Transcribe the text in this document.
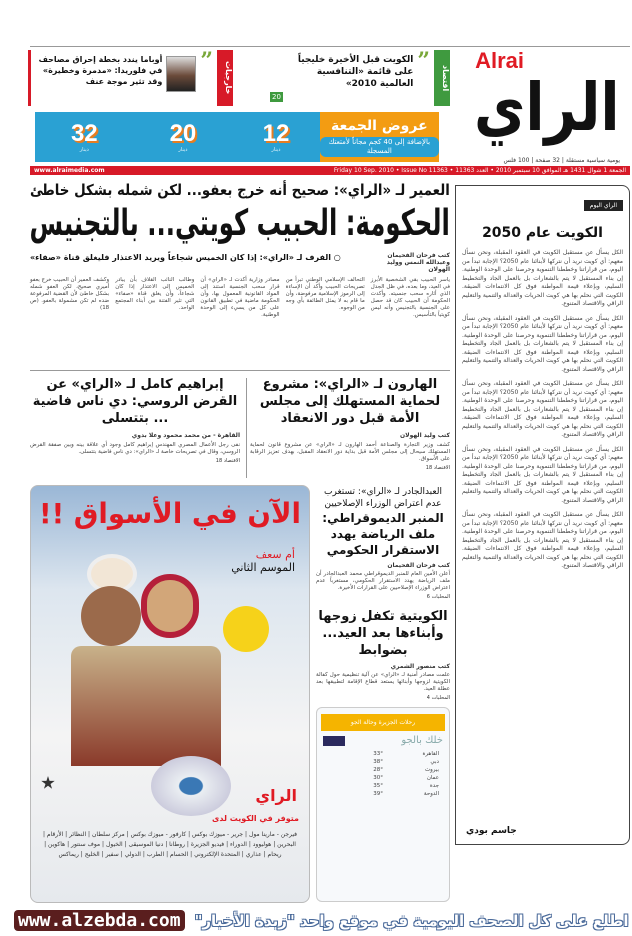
Alrai
الراي
يومية سياسية مستقلة | 32 صفحة | 100 فلس
اقتصاد
”
الكويت قبل الأخيرة خليجياً على قائمة «التنافسية العالمية 2010»
20
خارجيات
”
أوباما يندد بخطة إحراق مصاحف في فلوريدا: «مدمرة وخطيرة» وقد تثير موجة عنف
32
دينار
20
دينار
12
دينار
عروض الجمعة
بالإضافة إلى 40 كجم مجاناً لأمتعتك المسجلة
الجمعة 1 شوال 1431 هـ الموافق 10 سبتمبر 2010 • العدد 11363 • Friday 10 Sep. 2010 • Issue No 11363
www.alraimedia.com
العمير لـ «الراي»: صحيح أنه خرج بعفو... لكن شمله بشكل خاطئ
الحكومة: الحبيب كويتي... بالتجنيس
كتب فرحان الفحيمان وعبدالله النمس ووليد الهولان
○ الفرف لـ «الراي»: إذا كان الخميس شجاعاً ويريد الاعتذار فليغلق قناة «صفاء»
ياسر الحبيب بقي الشخصية الأبرز في العيد، وما بعده، في ظل الجدل الذي أثاره سحب جنسيته. وأكدت الحكومة أن الحبيب كان قد حصل على الجنسية بالتجنيس وأنه ليس كويتياً بالتأسيس.
التحالف الإسلامي الوطني تبرأ من تصريحات الحبيب وأكد أن الإساءة إلى الرموز الإسلامية مرفوضة، وأن ما قام به لا يمثل الطائفة بأي وجه من الوجوه.
مصادر وزارية أكدت لـ «الراي» أن قرار سحب الجنسية استند إلى المواد القانونية المعمول بها، وأن الحكومة ماضية في تطبيق القانون على كل من يسيء إلى الوحدة الوطنية.
وطالب النائب القلاف بأن يبادر الخميس إلى الاعتذار إذا كان شجاعاً، وأن يغلق قناة «صفاء» التي تثير الفتنة بين أبناء المجتمع الواحد.
وكشف العمير أن الحبيب خرج بعفو أميري صحيح، لكن العفو شمله بشكل خاطئ لأن القضية المرفوعة ضده لم تكن مشمولة بالعفو. (ص 18)
الهارون لـ «الراي»: مشروع لحماية المستهلك إلى مجلس الأمة قبل دور الانعقاد
كتب وليد الهولان
كشف وزير التجارة والصناعة أحمد الهارون لـ «الراي» عن مشروع قانون لحماية المستهلك سيحال إلى مجلس الأمة قبل بداية دور الانعقاد المقبل، بهدف تعزيز الرقابة على الأسواق.
الاقتصاد 18
إبراهيم كامل لـ «الراي» عن القرض الروسي: دي ناس فاضية ... بتتسلى
القاهرة - من محمد محمود وعلا بدوي
نفى رجل الأعمال المصري المهندس إبراهيم كامل وجود أي علاقة بينه وبين صفقة القرض الروسي، وقال في تصريحات خاصة لـ «الراي»: دي ناس فاضية بتتسلى.
الاقتصاد 18
العبدالجادر لـ «الراي»: تستغرب عدم اعتراض الوزراء الإصلاحيين
المنبر الديموقراطي: ملف الرياضة يهدد الاستقرار الحكومي
كتب فرحان الفحيمان
أعلن الأمين العام للمنبر الديموقراطي محمد العبدالجادر أن ملف الرياضة يهدد الاستقرار الحكومي، مستغرباً عدم اعتراض الوزراء الإصلاحيين على القرارات الأخيرة.
المحليات 6
الكويتية تكفل زوجها وأبناءها بعد العيد... بضوابط
كتب منصور الشمري
علمت مصادر أمنية لـ «الراي» عن آلية تنظيمية حول كفالة الكويتية لزوجها وأبنائها يستعد قطاع الإقامة لتطبيقها بعد عطلة العيد.
المحليات 4
رحلات الجزيرة وحالة الجو
خلك بالجو
القاهرة
33°
دبي
38°
بيروت
28°
عمان
30°
جدة
35°
الدوحة
39°
الراي اليوم
الكويت عام 2050
الكل يسأل عن مستقبل الكويت في العقود المقبلة، ونحن نسأل معهم: أي كويت نريد أن نتركها لأبنائنا عام 2050؟ الإجابة تبدأ من اليوم، من قراراتنا وخططنا التنموية وحرصنا على الوحدة الوطنية. إن بناء المستقبل لا يتم بالشعارات بل بالعمل الجاد والتخطيط السليم، وبإعلاء قيمة المواطنة فوق كل الانتماءات الضيقة. الكويت التي نحلم بها هي كويت الحريات والعدالة والتنمية والتعليم الراقي والاقتصاد المتنوع.
الكل يسأل عن مستقبل الكويت في العقود المقبلة، ونحن نسأل معهم: أي كويت نريد أن نتركها لأبنائنا عام 2050؟ الإجابة تبدأ من اليوم، من قراراتنا وخططنا التنموية وحرصنا على الوحدة الوطنية. إن بناء المستقبل لا يتم بالشعارات بل بالعمل الجاد والتخطيط السليم، وبإعلاء قيمة المواطنة فوق كل الانتماءات الضيقة. الكويت التي نحلم بها هي كويت الحريات والعدالة والتنمية والتعليم الراقي والاقتصاد المتنوع.
الكل يسأل عن مستقبل الكويت في العقود المقبلة، ونحن نسأل معهم: أي كويت نريد أن نتركها لأبنائنا عام 2050؟ الإجابة تبدأ من اليوم، من قراراتنا وخططنا التنموية وحرصنا على الوحدة الوطنية. إن بناء المستقبل لا يتم بالشعارات بل بالعمل الجاد والتخطيط السليم، وبإعلاء قيمة المواطنة فوق كل الانتماءات الضيقة. الكويت التي نحلم بها هي كويت الحريات والعدالة والتنمية والتعليم الراقي والاقتصاد المتنوع.
الكل يسأل عن مستقبل الكويت في العقود المقبلة، ونحن نسأل معهم: أي كويت نريد أن نتركها لأبنائنا عام 2050؟ الإجابة تبدأ من اليوم، من قراراتنا وخططنا التنموية وحرصنا على الوحدة الوطنية. إن بناء المستقبل لا يتم بالشعارات بل بالعمل الجاد والتخطيط السليم، وبإعلاء قيمة المواطنة فوق كل الانتماءات الضيقة. الكويت التي نحلم بها هي كويت الحريات والعدالة والتنمية والتعليم الراقي والاقتصاد المتنوع.
الكل يسأل عن مستقبل الكويت في العقود المقبلة، ونحن نسأل معهم: أي كويت نريد أن نتركها لأبنائنا عام 2050؟ الإجابة تبدأ من اليوم، من قراراتنا وخططنا التنموية وحرصنا على الوحدة الوطنية. إن بناء المستقبل لا يتم بالشعارات بل بالعمل الجاد والتخطيط السليم، وبإعلاء قيمة المواطنة فوق كل الانتماءات الضيقة. الكويت التي نحلم بها هي كويت الحريات والعدالة والتنمية والتعليم الراقي والاقتصاد المتنوع.
جاسم بودي
الآن في الأسواق !!
أم سعف
الموسم الثاني
الراي
متوفر في الكويت لدى
فيرجن - مارينا مول | جرير - ميوزك بوكس | كارفور - ميوزك بوكس | مركز سلطان | النظائر | الأرقام | البحرين | هوليوود | الدوراء | فيديو الجزيرة | روطانا | دنيا الموسيقى | الخيول | موف سنتور | هاكوين | ريحام | عذاري | المتحدة الإلكتروني | الحسام | الطرب | الدولي | سفير | الخليج | ريماكس
www.alzebda.com اطلع على كل الصحف اليومية في موقع واحد "زبدة الأخبار"
